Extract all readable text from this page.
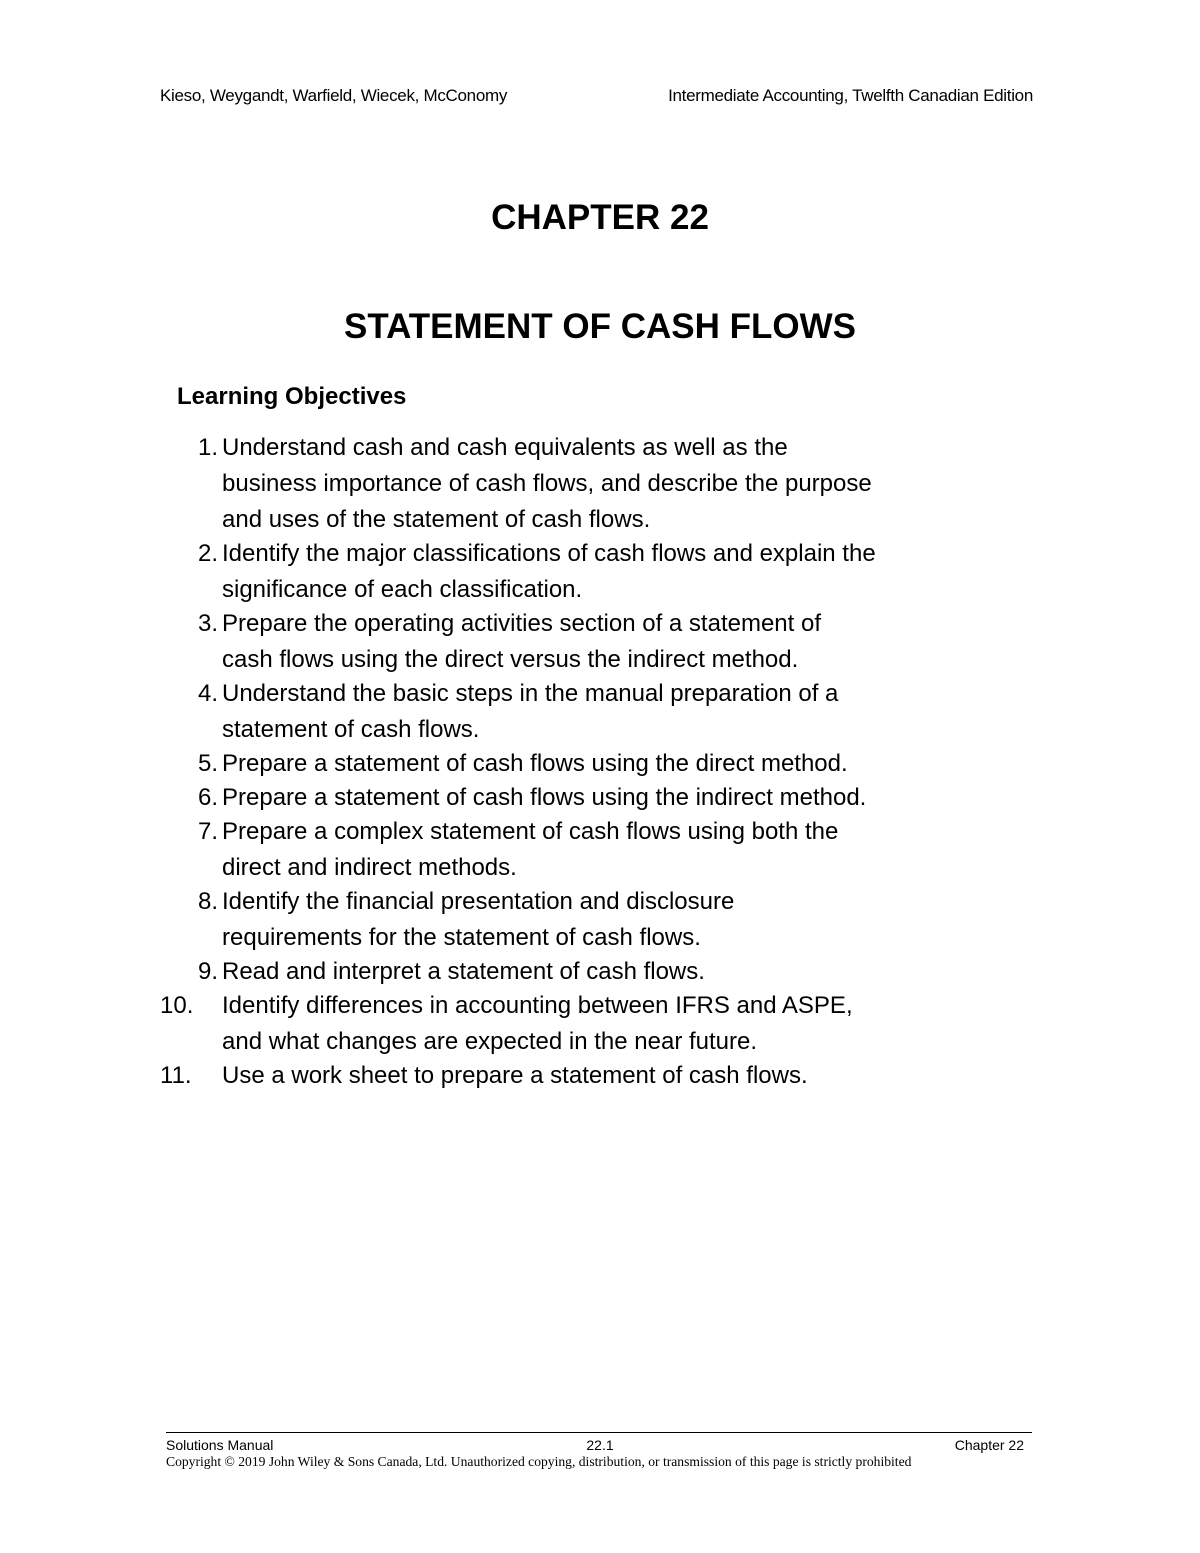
Kieso, Weygandt, Warfield, Wiecek, McConomy	Intermediate Accounting, Twelfth Canadian Edition
CHAPTER 22
STATEMENT OF CASH FLOWS
Learning Objectives
1. Understand cash and cash equivalents as well as the
business importance of cash flows, and describe the purpose
and uses of the statement of cash flows.
2. Identify the major classifications of cash flows and explain the
significance of each classification.
3. Prepare the operating activities section of a statement of
cash flows using the direct versus the indirect method.
4. Understand the basic steps in the manual preparation of a
statement of cash flows.
5. Prepare a statement of cash flows using the direct method.
6. Prepare a statement of cash flows using the indirect method.
7. Prepare a complex statement of cash flows using both the
direct and indirect methods.
8. Identify the financial presentation and disclosure
requirements for the statement of cash flows.
9. Read and interpret a statement of cash flows.
10.	Identify differences in accounting between IFRS and ASPE,
and what changes are expected in the near future.
11.	Use a work sheet to prepare a statement of cash flows.
Solutions Manual	22.1	Chapter 22
Copyright © 2019 John Wiley & Sons Canada, Ltd. Unauthorized copying, distribution, or transmission of this page is strictly prohibited
